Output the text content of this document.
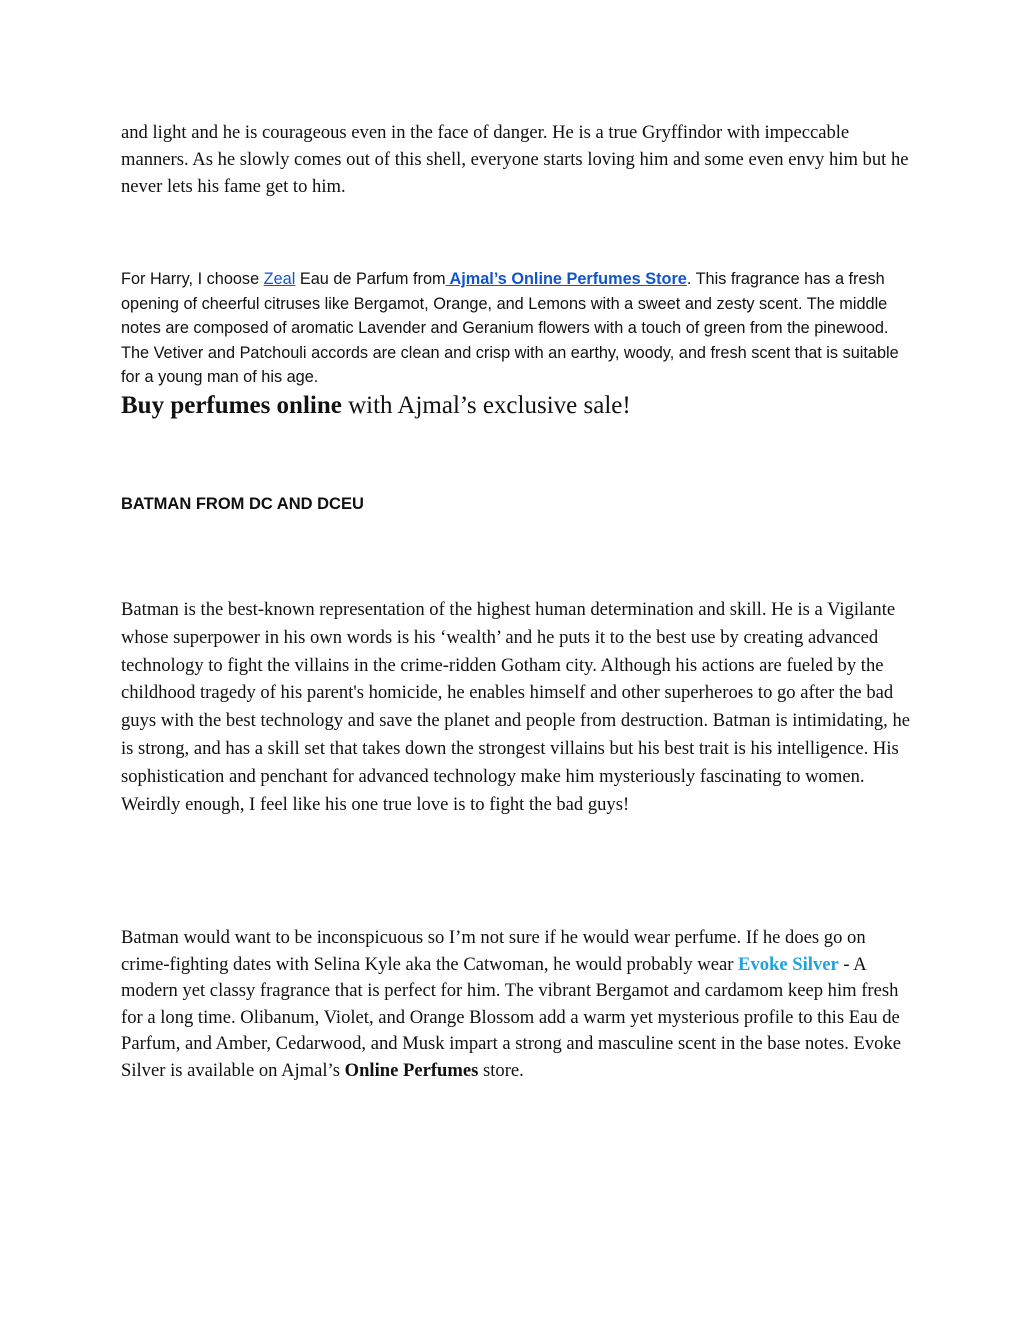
and light and he is courageous even in the face of danger. He is a true Gryffindor with impeccable manners. As he slowly comes out of this shell, everyone starts loving him and some even envy him but he never lets his fame get to him.

For Harry, I choose Zeal Eau de Parfum from Ajmal’s Online Perfumes Store. This fragrance has a fresh opening of cheerful citruses like Bergamot, Orange, and Lemons with a sweet and zesty scent. The middle notes are composed of aromatic Lavender and Geranium flowers with a touch of green from the pinewood. The Vetiver and Patchouli accords are clean and crisp with an earthy, woody, and fresh scent that is suitable for a young man of his age.

Buy perfumes online with Ajmal’s exclusive sale!

BATMAN FROM DC AND DCEU

Batman is the best-known representation of the highest human determination and skill. He is a Vigilante whose superpower in his own words is his ‘wealth’ and he puts it to the best use by creating advanced technology to fight the villains in the crime-ridden Gotham city. Although his actions are fueled by the childhood tragedy of his parent's homicide, he enables himself and other superheroes to go after the bad guys with the best technology and save the planet and people from destruction. Batman is intimidating, he is strong, and has a skill set that takes down the strongest villains but his best trait is his intelligence. His sophistication and penchant for advanced technology make him mysteriously fascinating to women. Weirdly enough, I feel like his one true love is to fight the bad guys!

Batman would want to be inconspicuous so I’m not sure if he would wear perfume. If he does go on crime-fighting dates with Selina Kyle aka the Catwoman, he would probably wear Evoke Silver - A modern yet classy fragrance that is perfect for him. The vibrant Bergamot and cardamom keep him fresh for a long time. Olibanum, Violet, and Orange Blossom add a warm yet mysterious profile to this Eau de Parfum, and Amber, Cedarwood, and Musk impart a strong and masculine scent in the base notes. Evoke Silver is available on Ajmal’s Online Perfumes store.
